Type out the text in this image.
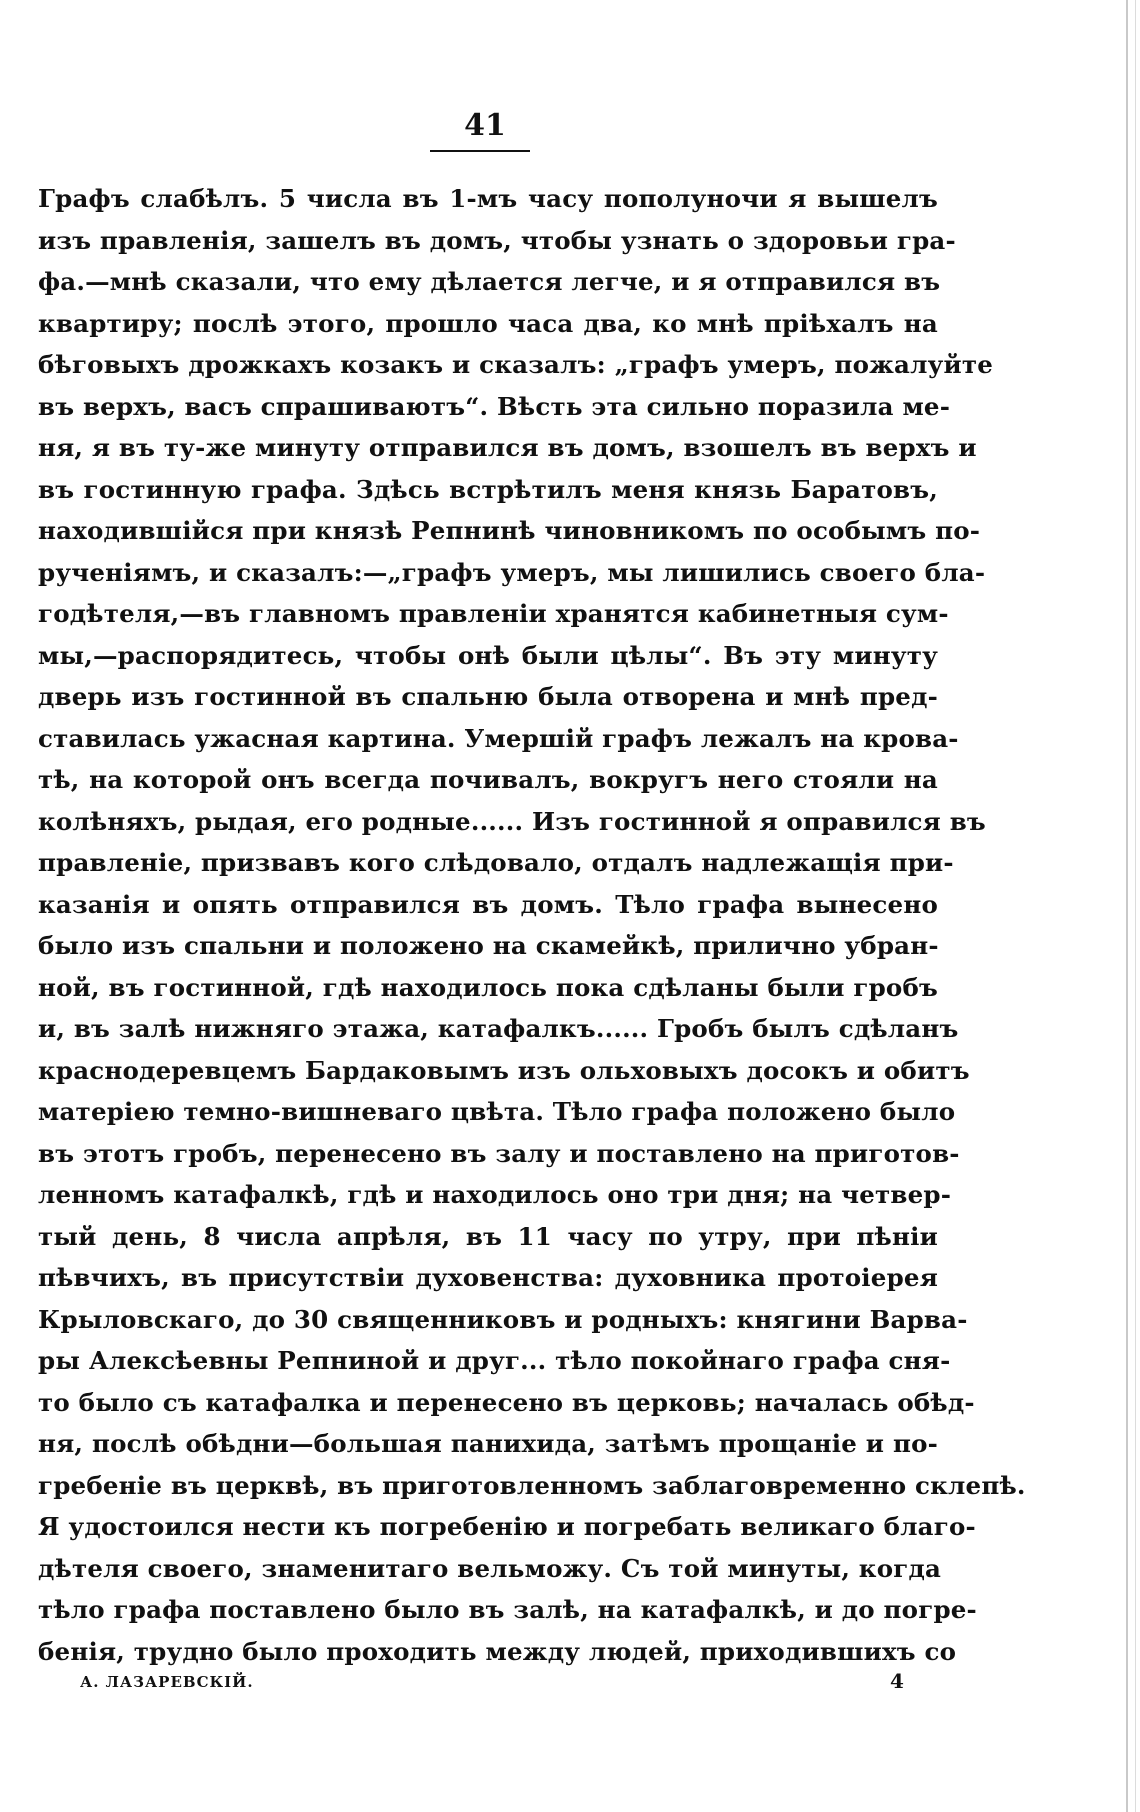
41
Графъ слабѣлъ. 5 числа въ 1-мъ часу пополуночи я вышелъ
изъ правленія, зашелъ въ домъ, чтобы узнать о здоровьи гра-
фа.—мнѣ сказали, что ему дѣлается легче, и я отправился въ
квартиру; послѣ этого, прошло часа два, ко мнѣ пріѣхалъ на
бѣговыхъ дрожкахъ козакъ и сказалъ: „графъ умеръ, пожалуйте
въ верхъ, васъ спрашиваютъ“. Вѣсть эта сильно поразила ме-
ня, я въ ту-же минуту отправился въ домъ, взошелъ въ верхъ и
въ гостинную графа. Здѣсь встрѣтилъ меня князь Баратовъ,
находившійся при князѣ Репнинѣ чиновникомъ по особымъ по-
рученіямъ, и сказалъ:—„графъ умеръ, мы лишились своего бла-
годѣтеля,—въ главномъ правленіи хранятся кабинетныя сум-
мы,—распорядитесь, чтобы онѣ были цѣлы“. Въ эту минуту
дверь изъ гостинной въ спальню была отворена и мнѣ пред-
ставилась ужасная картина. Умершій графъ лежалъ на крова-
тѣ, на которой онъ всегда почивалъ, вокругъ него стояли на
колѣняхъ, рыдая, его родные...... Изъ гостинной я оправился въ
правленіе, призвавъ кого слѣдовало, отдалъ надлежащія при-
казанія и опять отправился въ домъ. Тѣло графа вынесено
было изъ спальни и положено на скамейкѣ, прилично убран-
ной, въ гостинной, гдѣ находилось пока сдѣланы были гробъ
и, въ залѣ нижняго этажа, катафалкъ...... Гробъ былъ сдѣланъ
краснодеревцемъ Бардаковымъ изъ ольховыхъ досокъ и обитъ
матеріею темно-вишневаго цвѣта. Тѣло графа положено было
въ этотъ гробъ, перенесено въ залу и поставлено на приготов-
ленномъ катафалкѣ, гдѣ и находилось оно три дня; на четвер-
тый день, 8 числа апрѣля, въ 11 часу по утру, при пѣніи
пѣвчихъ, въ присутствіи духовенства: духовника протоіерея
Крыловскаго, до 30 священниковъ и родныхъ: княгини Варва-
ры Алексѣевны Репниной и друг... тѣло покойнаго графа сня-
то было съ катафалка и перенесено въ церковь; началась обѣд-
ня, послѣ обѣдни—большая панихида, затѣмъ прощаніе и по-
гребеніе въ церквѣ, въ приготовленномъ заблаговременно склепѣ.
Я удостоился нести къ погребенію и погребать великаго благо-
дѣтеля своего, знаменитаго вельможу. Съ той минуты, когда
тѣло графа поставлено было въ залѣ, на катафалкѣ, и до погре-
бенія, трудно было проходить между людей, приходившихъ со
А. ЛАЗАРЕВСКІЙ.	4
